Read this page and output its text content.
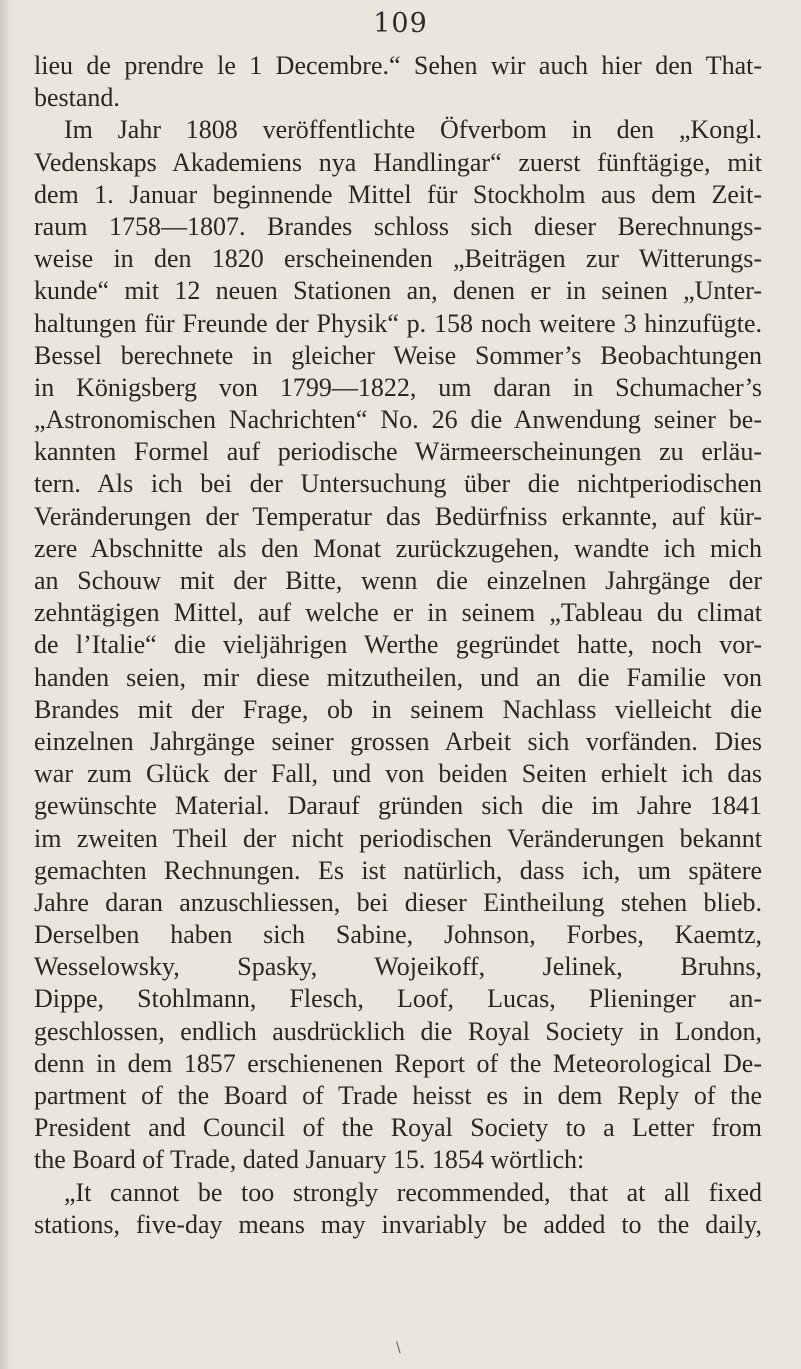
109
lieu de prendre le 1 Decembre.“ Sehen wir auch hier den That-
bestand.
Im Jahr 1808 veröffentlichte Öfverbom in den „Kongl.
Vedenskaps Akademiens nya Handlingar“ zuerst fünftägige, mit
dem 1. Januar beginnende Mittel für Stockholm aus dem Zeit-
raum 1758—1807. Brandes schloss sich dieser Berechnungs-
weise in den 1820 erscheinenden „Beiträgen zur Witterungs-
kunde“ mit 12 neuen Stationen an, denen er in seinen „Unter-
haltungen für Freunde der Physik“ p. 158 noch weitere 3 hinzufügte.
Bessel berechnete in gleicher Weise Sommer’s Beobachtungen
in Königsberg von 1799—1822, um daran in Schumacher’s
„Astronomischen Nachrichten“ No. 26 die Anwendung seiner be-
kannten Formel auf periodische Wärmeerscheinungen zu erläu-
tern. Als ich bei der Untersuchung über die nichtperiodischen
Veränderungen der Temperatur das Bedürfniss erkannte, auf kür-
zere Abschnitte als den Monat zurückzugehen, wandte ich mich
an Schouw mit der Bitte, wenn die einzelnen Jahrgänge der
zehntägigen Mittel, auf welche er in seinem „Tableau du climat
de l’Italie“ die vieljährigen Werthe gegründet hatte, noch vor-
handen seien, mir diese mitzutheilen, und an die Familie von
Brandes mit der Frage, ob in seinem Nachlass vielleicht die
einzelnen Jahrgänge seiner grossen Arbeit sich vorfänden. Dies
war zum Glück der Fall, und von beiden Seiten erhielt ich das
gewünschte Material. Darauf gründen sich die im Jahre 1841
im zweiten Theil der nicht periodischen Veränderungen bekannt
gemachten Rechnungen. Es ist natürlich, dass ich, um spätere
Jahre daran anzuschliessen, bei dieser Eintheilung stehen blieb.
Derselben haben sich Sabine, Johnson, Forbes, Kaemtz,
Wesselowsky, Spasky, Wojeikoff, Jelinek, Bruhns,
Dippe, Stohlmann, Flesch, Loof, Lucas, Plieninger an-
geschlossen, endlich ausdrücklich die Royal Society in London,
denn in dem 1857 erschienenen Report of the Meteorological De-
partment of the Board of Trade heisst es in dem Reply of the
President and Council of the Royal Society to a Letter from
the Board of Trade, dated January 15. 1854 wörtlich:
„It cannot be too strongly recommended, that at all fixed
stations, five-day means may invariably be added to the daily,
\
